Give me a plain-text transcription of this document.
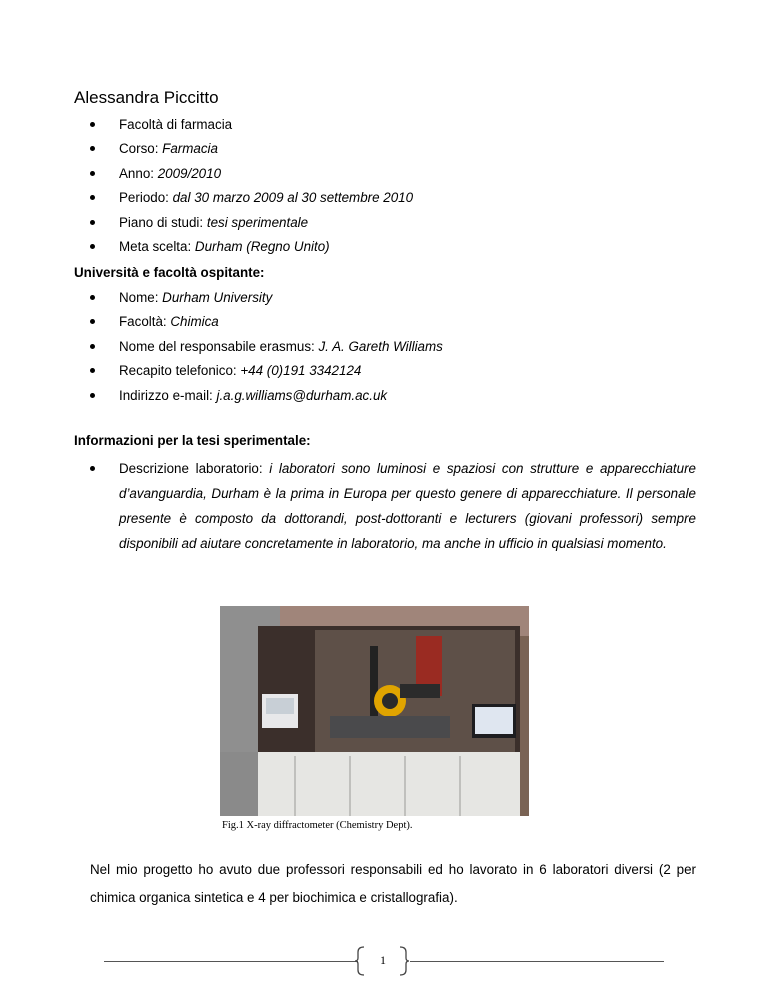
Alessandra Piccitto
Facoltà di farmacia
Corso: Farmacia
Anno: 2009/2010
Periodo: dal 30 marzo 2009 al 30 settembre 2010
Piano di studi: tesi sperimentale
Meta scelta: Durham (Regno Unito)
Università e facoltà ospitante:
Nome: Durham University
Facoltà: Chimica
Nome del responsabile erasmus: J. A. Gareth Williams
Recapito telefonico: +44 (0)191 3342124
Indirizzo e-mail: j.a.g.williams@durham.ac.uk
Informazioni per la tesi sperimentale:
Descrizione laboratorio: i laboratori sono luminosi e spaziosi con strutture e apparecchiature d’avanguardia, Durham è la prima in Europa per questo genere di apparecchiature. Il personale presente è composto da dottorandi, post-dottoranti e lecturers (giovani professori) sempre disponibili ad aiutare concretamente in laboratorio, ma anche in ufficio in qualsiasi momento.
Fig.1 X-ray diffractometer (Chemistry Dept).
Nel mio progetto ho avuto due professori responsabili ed ho lavorato in 6 laboratori diversi (2 per chimica organica sintetica e 4 per biochimica e cristallografia).
1
